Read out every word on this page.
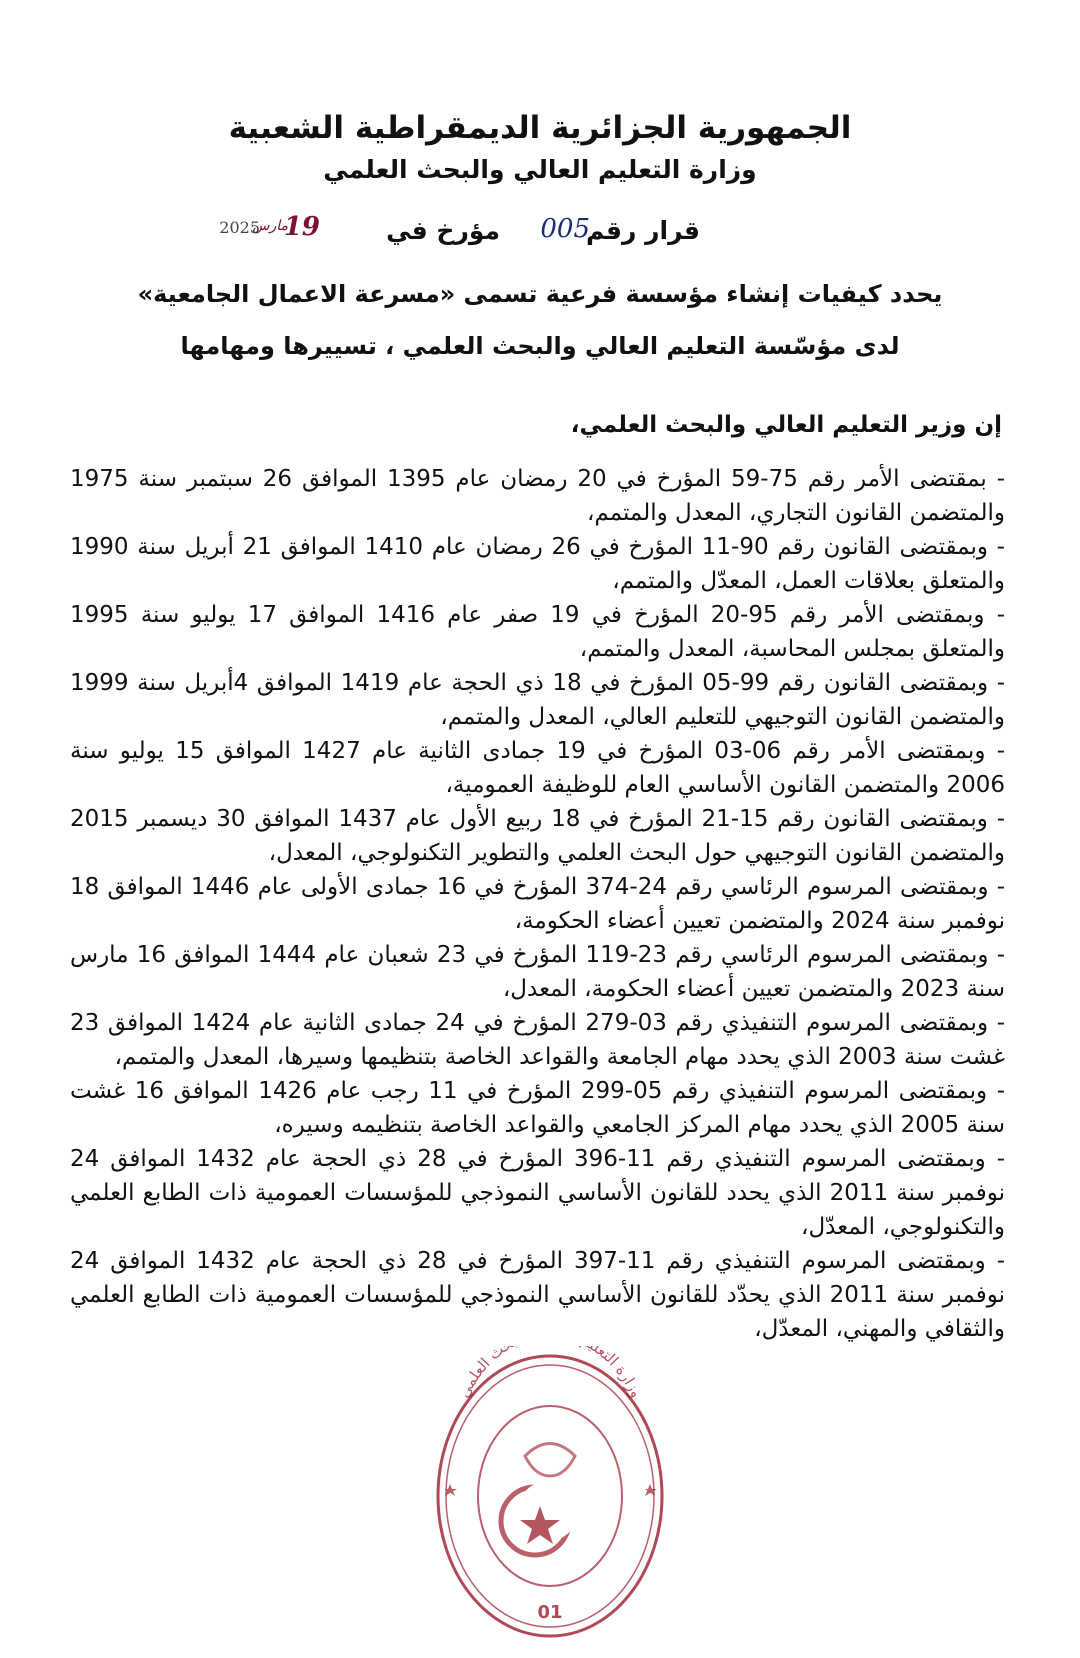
الجمهورية الجزائرية الديمقراطية الشعبية
وزارة التعليم العالي والبحث العلمي
قرار رقم
005
مؤرخ في
19
مارس
2025
يحدد كيفيات إنشاء مؤسسة فرعية تسمى «مسرعة الاعمال الجامعية»
لدى مؤسّسة التعليم العالي والبحث العلمي ، تسييرها ومهامها
إن وزير التعليم العالي والبحث العلمي،

- بمقتضى الأمر رقم 75-59 المؤرخ في 20 رمضان عام 1395 الموافق 26 سبتمبر سنة 1975 والمتضمن القانون التجاري، المعدل والمتمم،

- وبمقتضى القانون رقم 90-11 المؤرخ في 26 رمضان عام 1410 الموافق 21 أبريل سنة 1990 والمتعلق بعلاقات العمل، المعدّل والمتمم،

- وبمقتضى الأمر رقم 95-20 المؤرخ في 19 صفر عام 1416 الموافق 17 يوليو سنة 1995 والمتعلق بمجلس المحاسبة، المعدل والمتمم،

- وبمقتضى القانون رقم 99-05 المؤرخ في 18 ذي الحجة عام 1419 الموافق 4أبريل سنة 1999 والمتضمن القانون التوجيهي للتعليم العالي، المعدل والمتمم،

- وبمقتضى الأمر رقم 06-03 المؤرخ في 19 جمادى الثانية عام 1427 الموافق 15 يوليو سنة 2006 والمتضمن القانون الأساسي العام للوظيفة العمومية،

- وبمقتضى القانون رقم 15-21 المؤرخ في 18 ربيع الأول عام 1437 الموافق 30 ديسمبر 2015 والمتضمن القانون التوجيهي حول البحث العلمي والتطوير التكنولوجي، المعدل،

- وبمقتضى المرسوم الرئاسي رقم 24-374 المؤرخ في 16 جمادى الأولى عام 1446 الموافق 18 نوفمبر سنة 2024 والمتضمن تعيين أعضاء الحكومة،

- وبمقتضى المرسوم الرئاسي رقم 23-119 المؤرخ في 23 شعبان عام 1444 الموافق 16 مارس سنة 2023 والمتضمن تعيين أعضاء الحكومة، المعدل،

- وبمقتضى المرسوم التنفيذي رقم 03-279 المؤرخ في 24 جمادى الثانية عام 1424 الموافق 23 غشت سنة 2003 الذي يحدد مهام الجامعة والقواعد الخاصة بتنظيمها وسيرها، المعدل والمتمم،

- وبمقتضى المرسوم التنفيذي رقم 05-299 المؤرخ في 11 رجب عام 1426 الموافق 16 غشت سنة 2005 الذي يحدد مهام المركز الجامعي والقواعد الخاصة بتنظيمه وسيره،

- وبمقتضى المرسوم التنفيذي رقم 11-396 المؤرخ في 28 ذي الحجة عام 1432 الموافق 24 نوفمبر سنة 2011 الذي يحدد للقانون الأساسي النموذجي للمؤسسات العمومية ذات الطابع العلمي والتكنولوجي، المعدّل،

- وبمقتضى المرسوم التنفيذي رقم 11-397 المؤرخ في 28 ذي الحجة عام 1432 الموافق 24 نوفمبر سنة 2011 الذي يحدّد للقانون الأساسي النموذجي للمؤسسات العمومية ذات الطابع العلمي والثقافي والمهني، المعدّل،

وزارة التعل ث العلمي
01
